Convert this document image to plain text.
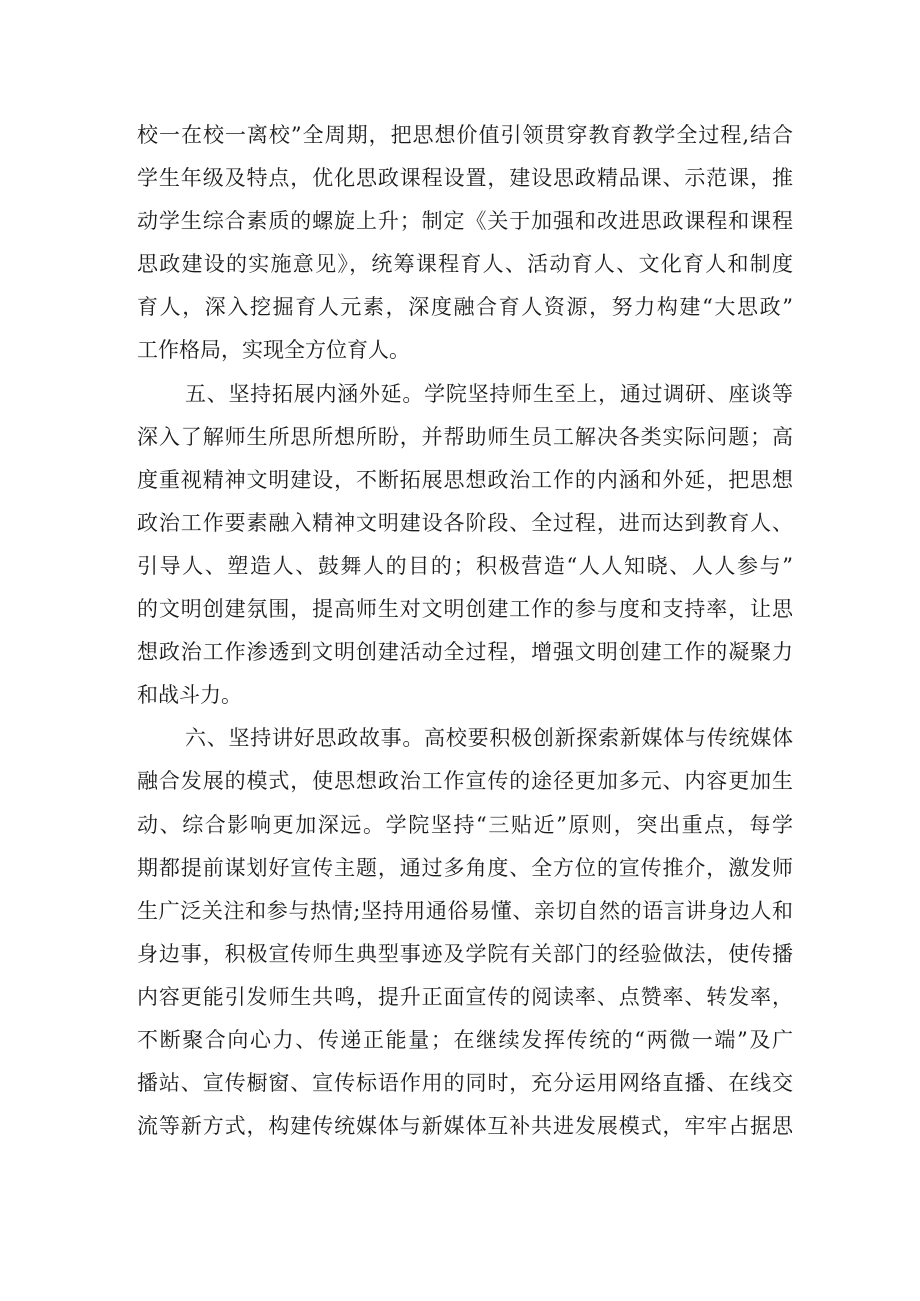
校一在校一离校”全周期，把思想价值引领贯穿教育教学全过程,结合
学生年级及特点，优化思政课程设置，建设思政精品课、示范课，推
动学生综合素质的螺旋上升；制定《关于加强和改进思政课程和课程
思政建设的实施意见》，统筹课程育人、活动育人、文化育人和制度
育人，深入挖掘育人元素，深度融合育人资源，努力构建“大思政”
工作格局，实现全方位育人。
五、坚持拓展内涵外延。学院坚持师生至上，通过调研、座谈等
深入了解师生所思所想所盼，并帮助师生员工解决各类实际问题；高
度重视精神文明建设，不断拓展思想政治工作的内涵和外延，把思想
政治工作要素融入精神文明建设各阶段、全过程，进而达到教育人、
引导人、塑造人、鼓舞人的目的；积极营造“人人知晓、人人参与”
的文明创建氛围，提高师生对文明创建工作的参与度和支持率，让思
想政治工作渗透到文明创建活动全过程，增强文明创建工作的凝聚力
和战斗力。
六、坚持讲好思政故事。高校要积极创新探索新媒体与传统媒体
融合发展的模式，使思想政治工作宣传的途径更加多元、内容更加生
动、综合影响更加深远。学院坚持“三贴近”原则，突出重点，每学
期都提前谋划好宣传主题，通过多角度、全方位的宣传推介，激发师
生广泛关注和参与热情;坚持用通俗易懂、亲切自然的语言讲身边人和
身边事，积极宣传师生典型事迹及学院有关部门的经验做法，使传播
内容更能引发师生共鸣，提升正面宣传的阅读率、点赞率、转发率，
不断聚合向心力、传递正能量；在继续发挥传统的“两微一端”及广
播站、宣传橱窗、宣传标语作用的同时，充分运用网络直播、在线交
流等新方式，构建传统媒体与新媒体互补共进发展模式，牢牢占据思
